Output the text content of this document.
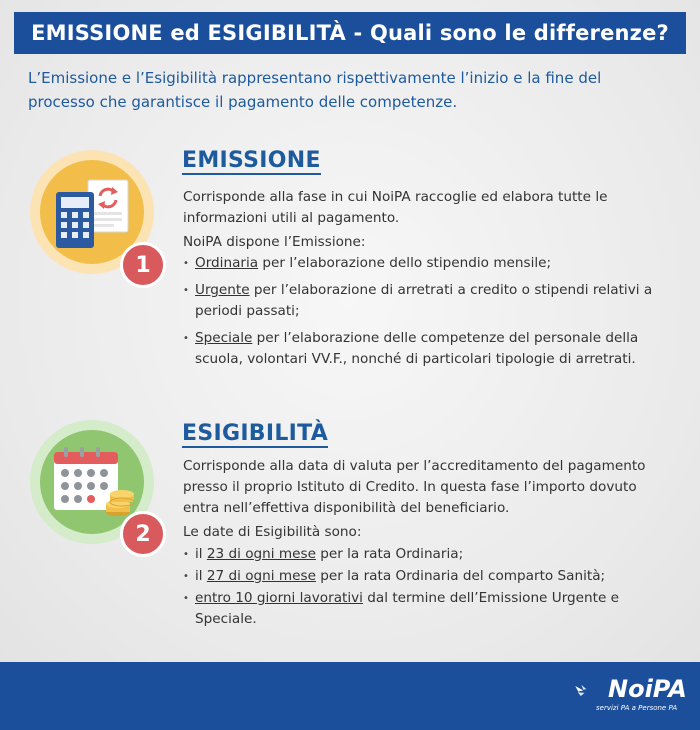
EMISSIONE ed ESIGIBILITÀ - Quali sono le differenze?
L’Emissione e l’Esigibilità rappresentano rispettivamente l’inizio e la fine del processo che garantisce il pagamento delle competenze.
1
EMISSIONE
Corrisponde alla fase in cui NoiPA raccoglie ed elabora tutte le informazioni utili al pagamento.
NoiPA dispone l’Emissione:
• Ordinaria per l’elaborazione dello stipendio mensile;
• Urgente per l’elaborazione di arretrati a credito o stipendi relativi a periodi passati;
• Speciale per l’elaborazione delle competenze del personale della scuola, volontari VV.F., nonché di particolari tipologie di arretrati.
2
ESIGIBILITÀ
Corrisponde alla data di valuta per l’accreditamento del pagamento presso il proprio Istituto di Credito. In questa fase l’importo dovuto entra nell’effettiva disponibilità del beneficiario.
Le date di Esigibilità sono:
• il 23 di ogni mese per la rata Ordinaria;
• il 27 di ogni mese per la rata Ordinaria del comparto Sanità;
• entro 10 giorni lavorativi dal termine dell’Emissione Urgente e Speciale.
NoiPA
servizi PA a Persone PA
